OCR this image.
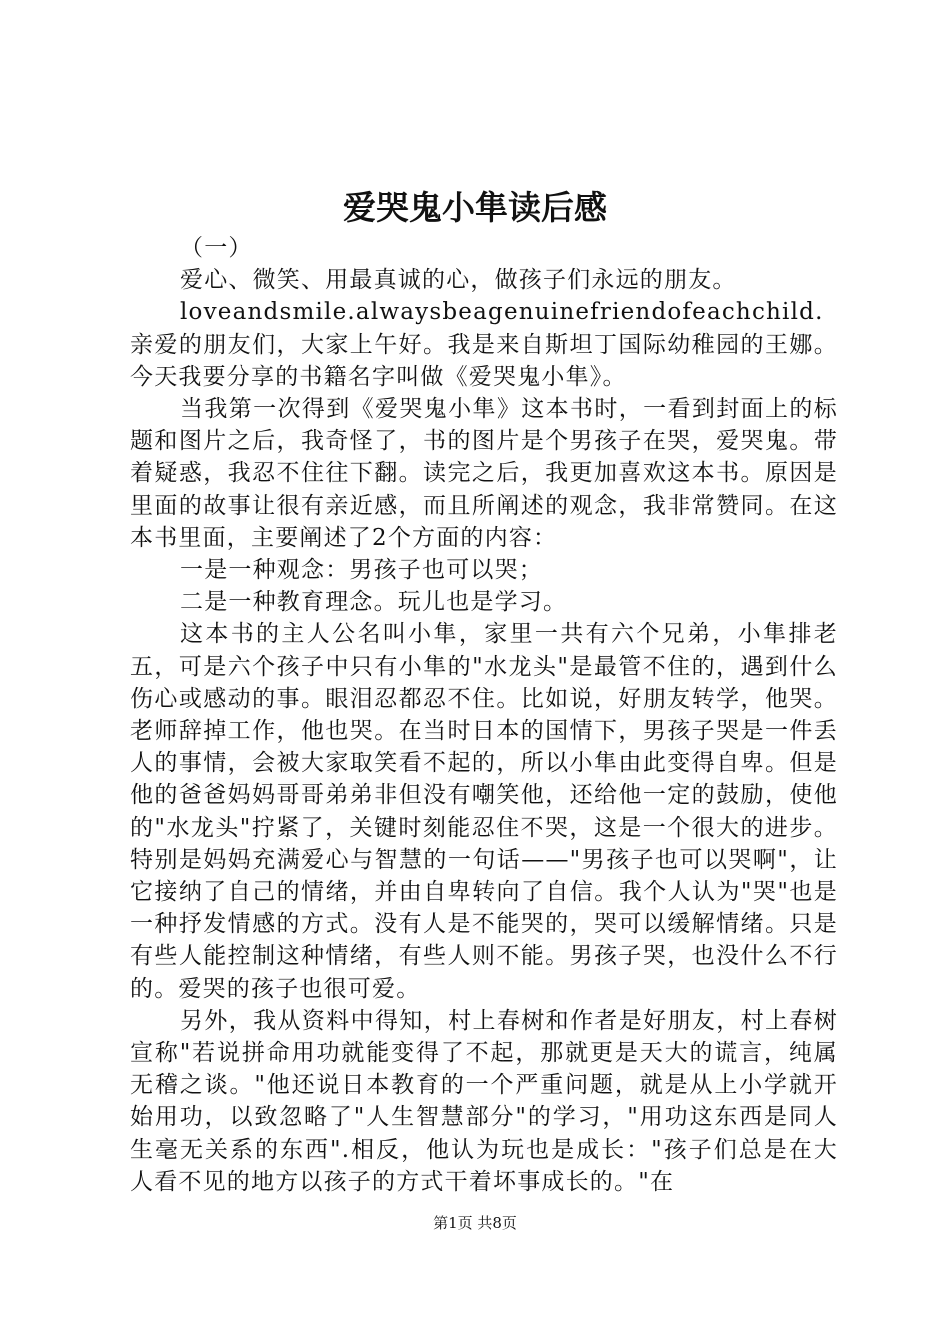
爱哭鬼小隼读后感

（一）

爱心、微笑、用最真诚的心，做孩子们永远的朋友。

loveandsmile.alwaysbeagenuinefriendofeachchild.亲爱的朋友们，大家上午好。我是来自斯坦丁国际幼稚园的王娜。今天我要分享的书籍名字叫做《爱哭鬼小隼》。

当我第一次得到《爱哭鬼小隼》这本书时，一看到封面上的标题和图片之后，我奇怪了，书的图片是个男孩子在哭，爱哭鬼。带着疑惑，我忍不住往下翻。读完之后，我更加喜欢这本书。原因是里面的故事让很有亲近感，而且所阐述的观念，我非常赞同。在这本书里面，主要阐述了2个方面的内容：

一是一种观念：男孩子也可以哭；

二是一种教育理念。玩儿也是学习。

这本书的主人公名叫小隼，家里一共有六个兄弟，小隼排老五，可是六个孩子中只有小隼的"水龙头"是最管不住的，遇到什么伤心或感动的事。眼泪忍都忍不住。比如说，好朋友转学，他哭。老师辞掉工作，他也哭。在当时日本的国情下，男孩子哭是一件丢人的事情，会被大家取笑看不起的，所以小隼由此变得自卑。但是他的爸爸妈妈哥哥弟弟非但没有嘲笑他，还给他一定的鼓励，使他的"水龙头"拧紧了，关键时刻能忍住不哭，这是一个很大的进步。特别是妈妈充满爱心与智慧的一句话——"男孩子也可以哭啊"，让它接纳了自己的情绪，并由自卑转向了自信。我个人认为"哭"也是一种抒发情感的方式。没有人是不能哭的，哭可以缓解情绪。只是有些人能控制这种情绪，有些人则不能。男孩子哭，也没什么不行的。爱哭的孩子也很可爱。

另外，我从资料中得知，村上春树和作者是好朋友，村上春树宣称"若说拼命用功就能变得了不起，那就更是天大的谎言，纯属无稽之谈。"他还说日本教育的一个严重问题，就是从上小学就开始用功，以致忽略了"人生智慧部分"的学习，"用功这东西是同人生毫无关系的东西".相反，他认为玩也是成长："孩子们总是在大人看不见的地方以孩子的方式干着坏事成长的。"在

第1页 共8页
